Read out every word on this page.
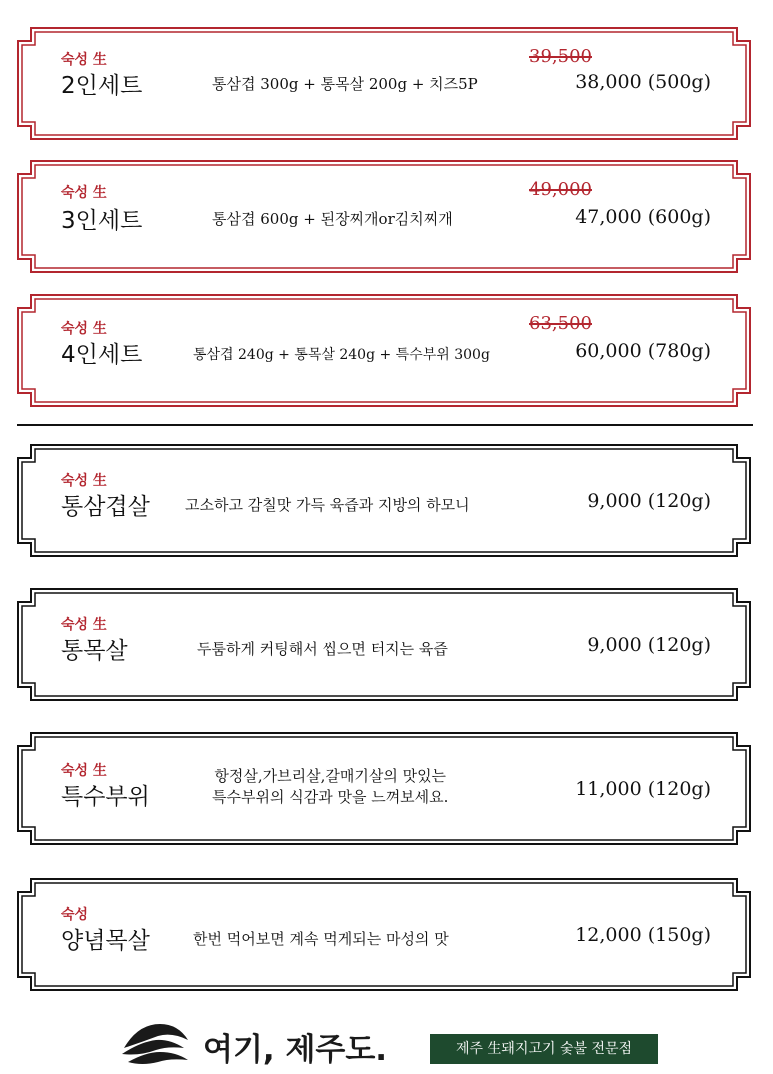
숙성 生
2인세트	통삼겹 300g + 통목살 200g + 치즈5P
39,500
38,000 (500g)
숙성 生
3인세트	통삼겹 600g + 된장찌개or김치찌개
49,000
47,000 (600g)
숙성 生
4인세트	통삼겹 240g + 통목살 240g + 특수부위 300g
63,500
60,000 (780g)
숙성 生
통삼겹살 고소하고 감칠맛 가득 육즙과 지방의 하모니	9,000 (120g)
숙성 生
통목살	두툼하게 커팅해서 씹으면 터지는 육즙	9,000 (120g)
숙성 生
특수부위
항정살,가브리살,갈매기살의 맛있는
특수부위의 식감과 맛을 느껴보세요.	11,000 (120g)
숙성
양념목살	한번 먹어보면 계속 먹게되는 마성의 맛	12,000 (150g)
여기, 제주도.	제주 生돼지고기 숯불 전문점
